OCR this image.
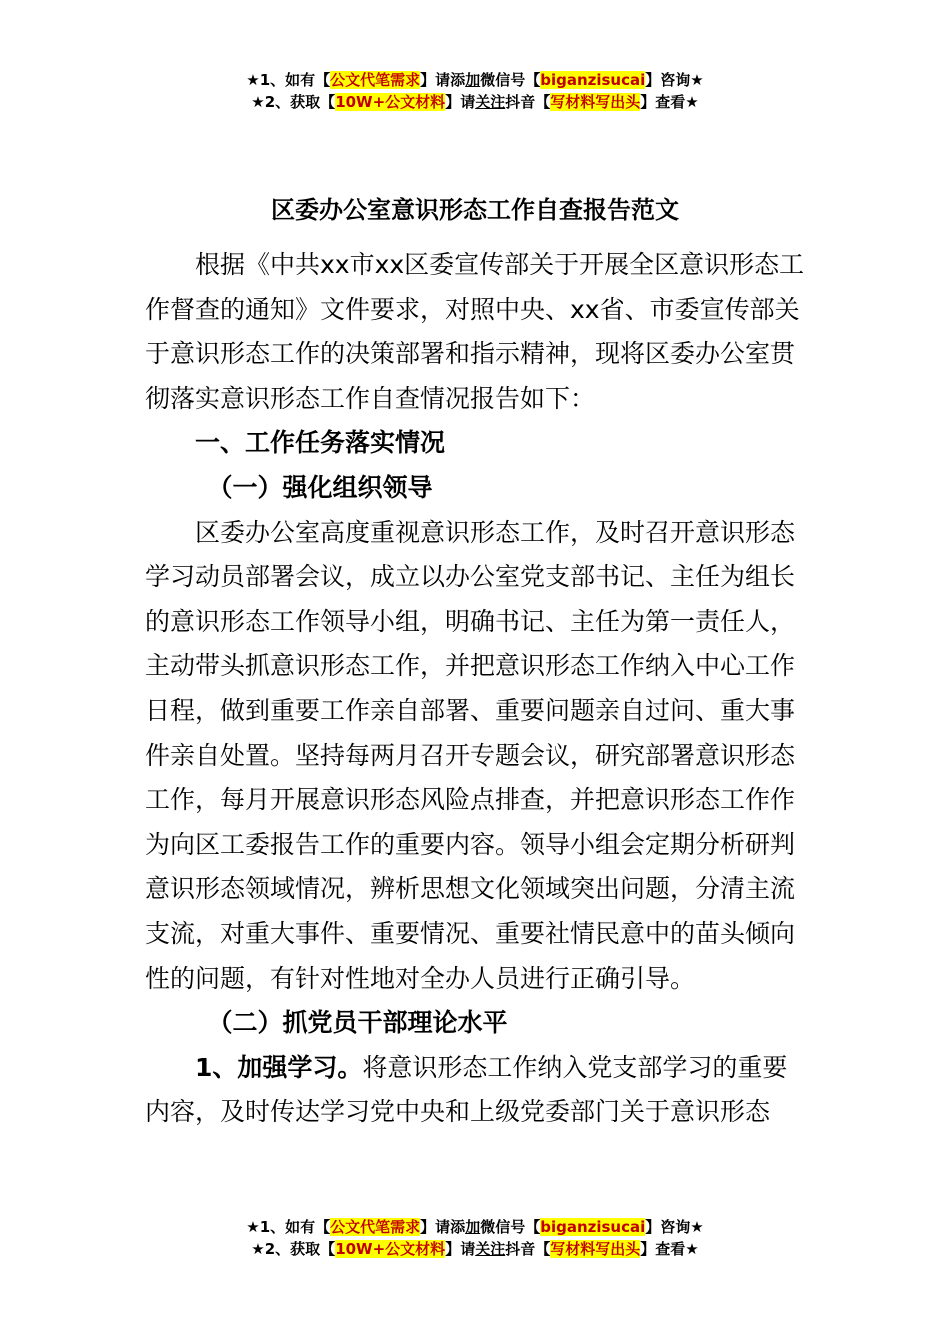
★1、如有【公文代笔需求】请添加微信号【biganzisucai】咨询★
★2、获取【10W+公文材料】请关注抖音【写材料写出头】查看★
区委办公室意识形态工作自查报告范文

根据《中共xx市xx区委宣传部关于开展全区意识形态工作督查的通知》文件要求，对照中央、xx省、市委宣传部关于意识形态工作的决策部署和指示精神，现将区委办公室贯彻落实意识形态工作自查情况报告如下：

一、工作任务落实情况

（一）强化组织领导

区委办公室高度重视意识形态工作，及时召开意识形态学习动员部署会议，成立以办公室党支部书记、主任为组长的意识形态工作领导小组，明确书记、主任为第一责任人，主动带头抓意识形态工作，并把意识形态工作纳入中心工作日程，做到重要工作亲自部署、重要问题亲自过问、重大事件亲自处置。坚持每两月召开专题会议，研究部署意识形态工作，每月开展意识形态风险点排查，并把意识形态工作作为向区工委报告工作的重要内容。领导小组会定期分析研判意识形态领域情况，辨析思想文化领域突出问题，分清主流支流，对重大事件、重要情况、重要社情民意中的苗头倾向性的问题，有针对性地对全办人员进行正确引导。

（二）抓党员干部理论水平

1、加强学习。将意识形态工作纳入党支部学习的重要内容，及时传达学习党中央和上级党委部门关于意识形态

★1、如有【公文代笔需求】请添加微信号【biganzisucai】咨询★
★2、获取【10W+公文材料】请关注抖音【写材料写出头】查看★
